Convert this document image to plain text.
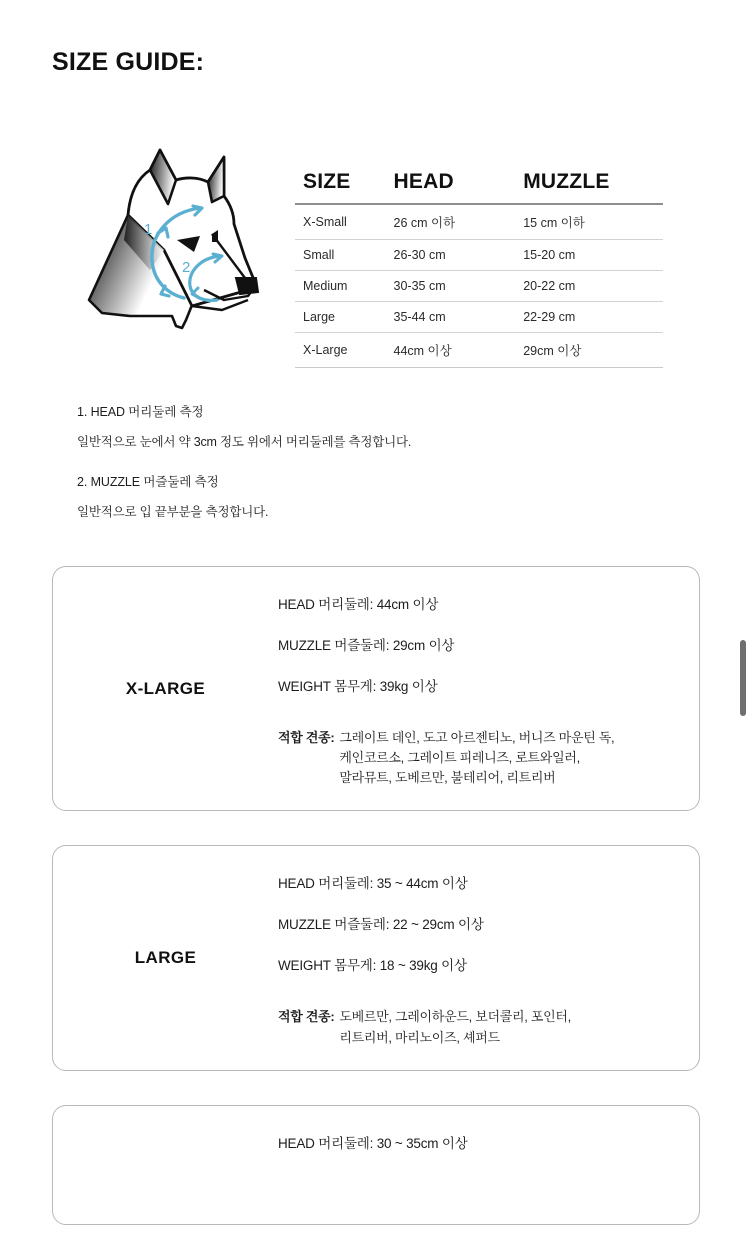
SIZE GUIDE:
1
2
SIZE	HEAD	MUZZLE
X-Small	26 cm 이하	15 cm 이하
Small	26-30 cm	15-20 cm
Medium	30-35 cm	20-22 cm
Large	35-44 cm	22-29 cm
X-Large	44cm 이상	29cm 이상
1. HEAD 머리둘레 측정
일반적으로 눈에서 약 3cm 정도 위에서 머리둘레를 측정합니다.
2. MUZZLE 머즐둘레 측정
일반적으로 입 끝부분을 측정합니다.
X-LARGE
HEAD 머리둘레: 44cm 이상
MUZZLE 머즐둘레: 29cm 이상
WEIGHT 몸무게: 39kg 이상
적합 견종: 그레이트 데인, 도고 아르젠티노, 버니즈 마운틴 독,
케인코르소, 그레이트 피레니즈, 로트와일러,
말라뮤트, 도베르만, 불테리어, 리트리버
LARGE
HEAD 머리둘레: 35 ~ 44cm 이상
MUZZLE 머즐둘레: 22 ~ 29cm 이상
WEIGHT 몸무게: 18 ~ 39kg 이상
적합 견종: 도베르만, 그레이하운드, 보더콜리, 포인터,
리트리버, 마리노이즈, 셰퍼드
HEAD 머리둘레: 30 ~ 35cm 이상
